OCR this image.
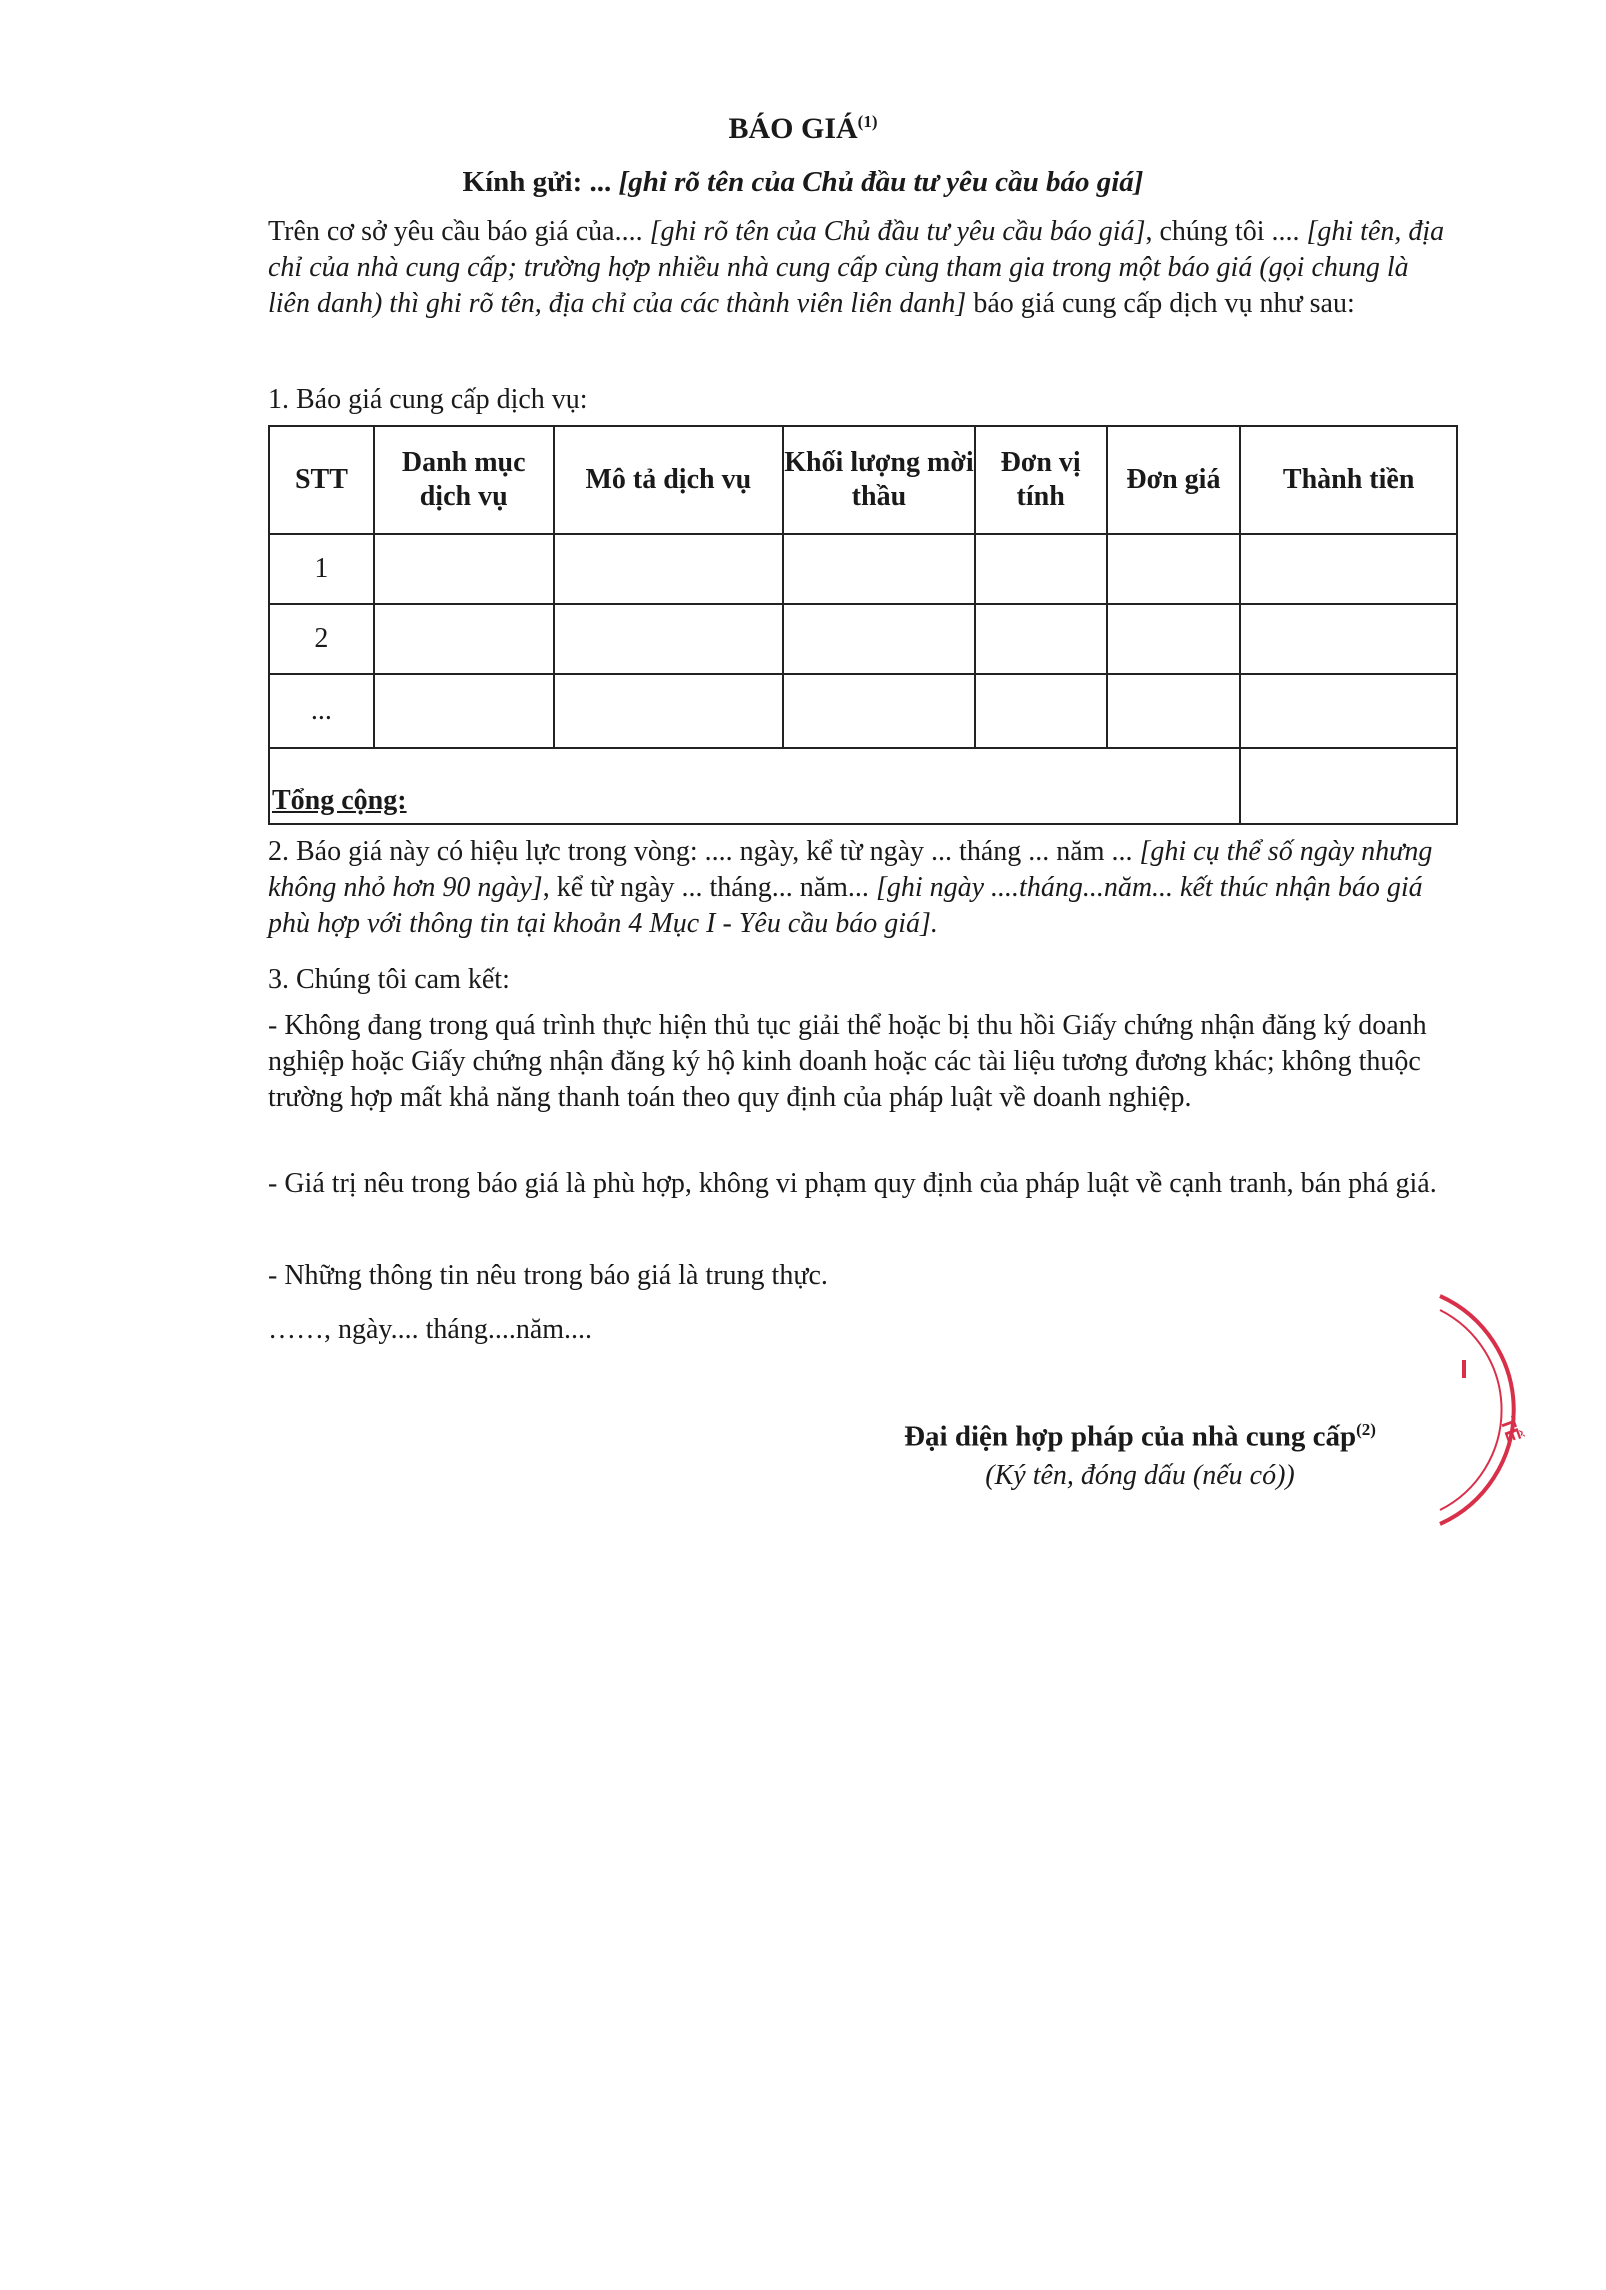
BÁO GIÁ$^{(1)}$
Kính gửi: ... [ghi rõ tên của Chủ đầu tư yêu cầu báo giá]
Trên cơ sở yêu cầu báo giá của.... [ghi rõ tên của Chủ đầu tư yêu cầu báo giá], chúng tôi .... [ghi tên, địa chỉ của nhà cung cấp; trường hợp nhiều nhà cung cấp cùng tham gia trong một báo giá (gọi chung là liên danh) thì ghi rõ tên, địa chỉ của các thành viên liên danh] báo giá cung cấp dịch vụ như sau:
1. Báo giá cung cấp dịch vụ:
STT	Danh mục dịch vụ	Mô tả dịch vụ	Khối lượng mời thầu	Đơn vị tính	Đơn giá	Thành tiền
1						
2						
...						
Tổng cộng:						
2. Báo giá này có hiệu lực trong vòng: .... ngày, kể từ ngày ... tháng ... năm ... [ghi cụ thể số ngày nhưng không nhỏ hơn 90 ngày], kể từ ngày ... tháng... năm... [ghi ngày ....tháng...năm... kết thúc nhận báo giá phù hợp với thông tin tại khoản 4 Mục I - Yêu cầu báo giá].
3. Chúng tôi cam kết:
- Không đang trong quá trình thực hiện thủ tục giải thể hoặc bị thu hồi Giấy chứng nhận đăng ký doanh nghiệp hoặc Giấy chứng nhận đăng ký hộ kinh doanh hoặc các tài liệu tương đương khác; không thuộc trường hợp mất khả năng thanh toán theo quy định của pháp luật về doanh nghiệp.
- Giá trị nêu trong báo giá là phù hợp, không vi phạm quy định của pháp luật về cạnh tranh, bán phá giá.
- Những thông tin nêu trong báo giá là trung thực.
……, ngày.... tháng....năm....
Đại diện hợp pháp của nhà cung cấp$^{(2)}$
(Ký tên, đóng dấu (nếu có))
TẾ
